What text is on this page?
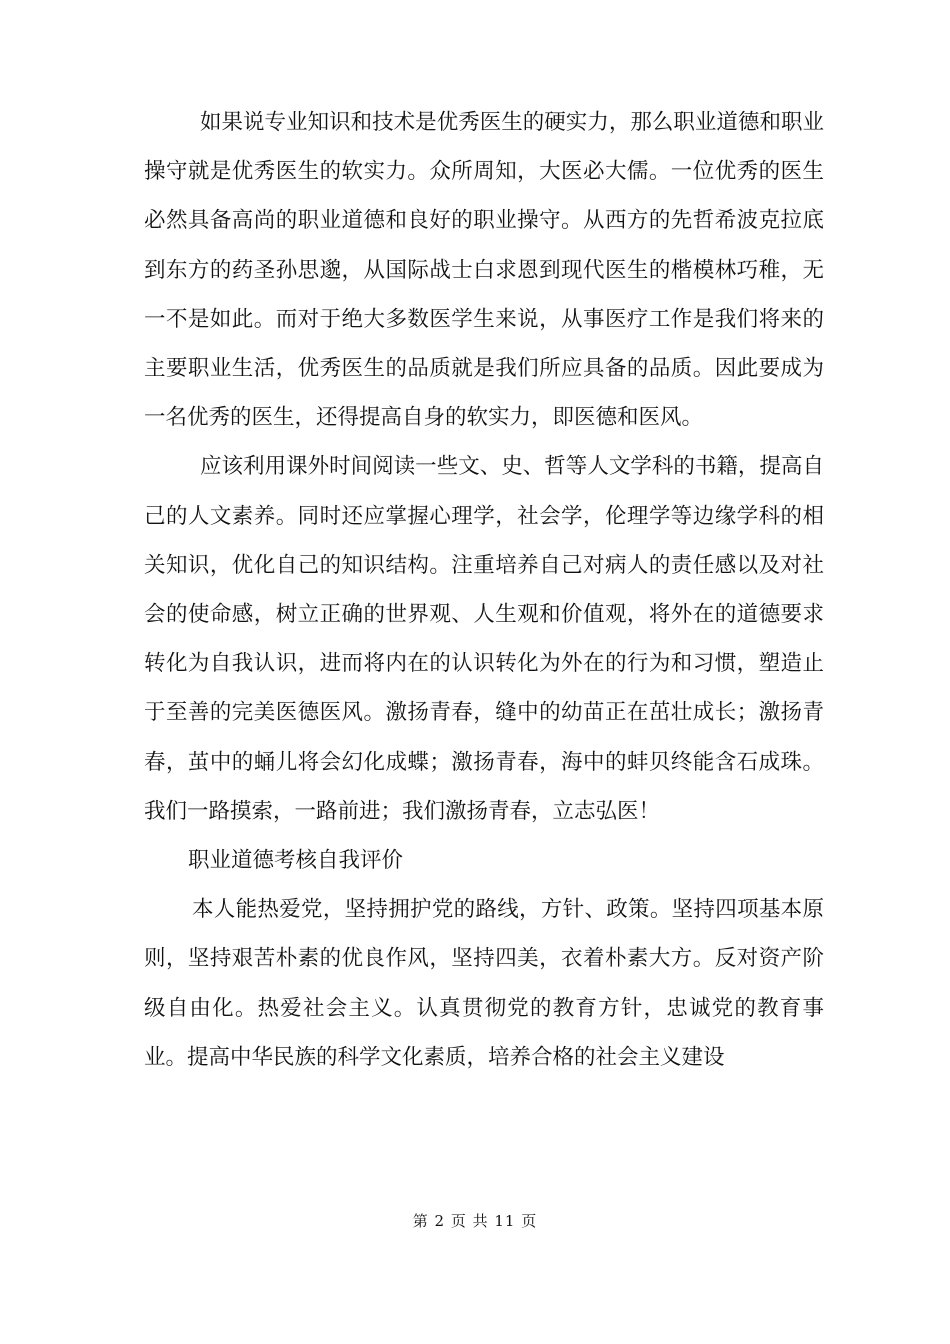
如果说专业知识和技术是优秀医生的硬实力，那么职业道德和职业操守就是优秀医生的软实力。众所周知，大医必大儒。一位优秀的医生必然具备高尚的职业道德和良好的职业操守。从西方的先哲希波克拉底到东方的药圣孙思邈，从国际战士白求恩到现代医生的楷模林巧稚，无一不是如此。而对于绝大多数医学生来说，从事医疗工作是我们将来的主要职业生活，优秀医生的品质就是我们所应具备的品质。因此要成为一名优秀的医生，还得提高自身的软实力，即医德和医风。

应该利用课外时间阅读一些文、史、哲等人文学科的书籍，提高自己的人文素养。同时还应掌握心理学，社会学，伦理学等边缘学科的相关知识，优化自己的知识结构。注重培养自己对病人的责任感以及对社会的使命感，树立正确的世界观、人生观和价值观，将外在的道德要求转化为自我认识，进而将内在的认识转化为外在的行为和习惯，塑造止于至善的完美医德医风。激扬青春，缝中的幼苗正在茁壮成长；激扬青春，茧中的蛹儿将会幻化成蝶；激扬青春，海中的蚌贝终能含石成珠。我们一路摸索，一路前进；我们激扬青春，立志弘医！

职业道德考核自我评价

本人能热爱党，坚持拥护党的路线，方针、政策。坚持四项基本原则，坚持艰苦朴素的优良作风，坚持四美，衣着朴素大方。反对资产阶级自由化。热爱社会主义。认真贯彻党的教育方针，忠诚党的教育事业。提高中华民族的科学文化素质，培养合格的社会主义建设

第 2 页 共 11 页
